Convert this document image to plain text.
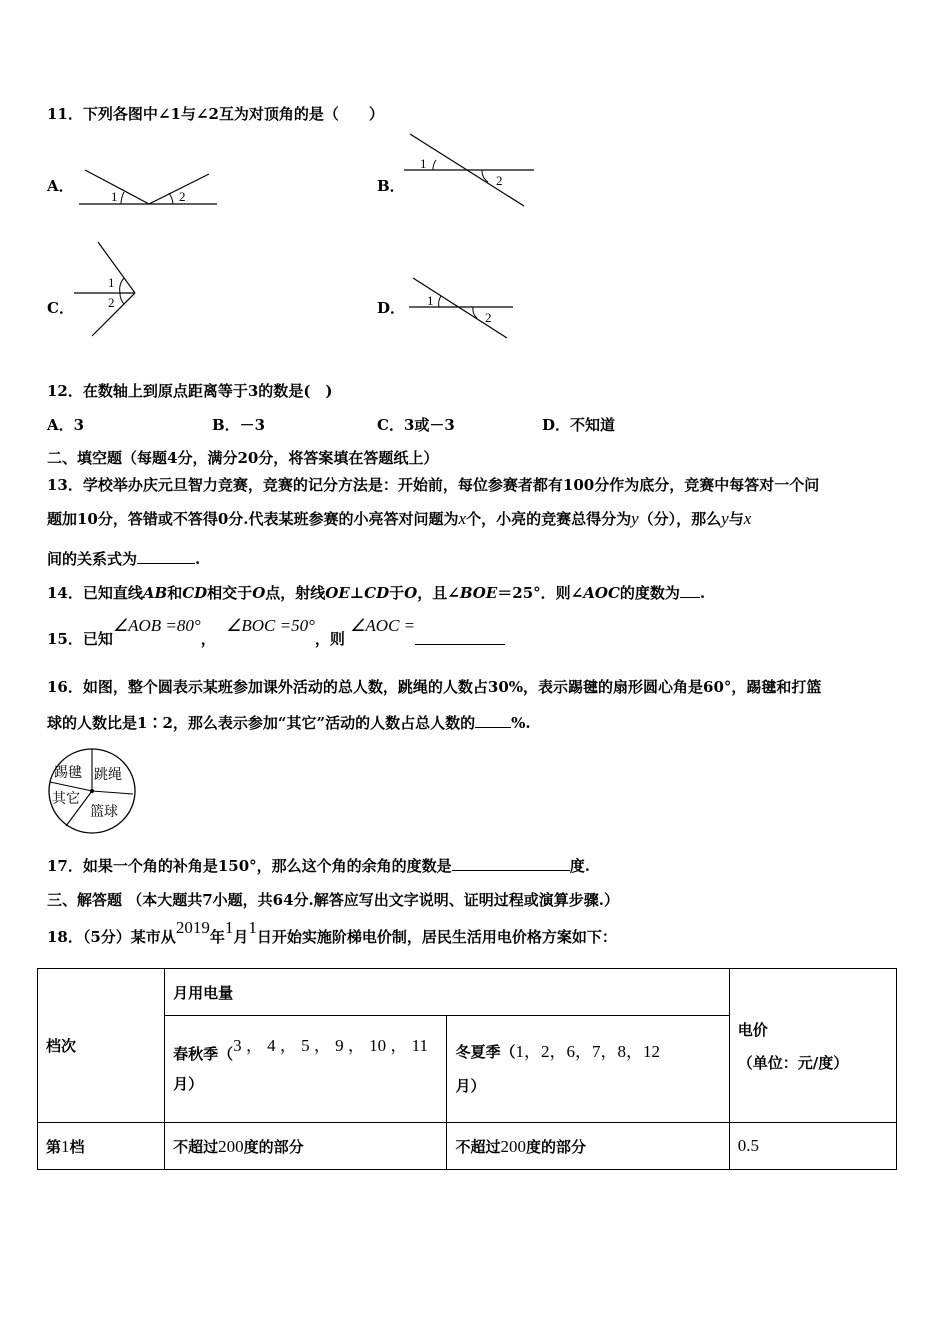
11．下列各图中∠1与∠2互为对顶角的是（　　）
A．
1	2
B．
1
2
C．
1
2	D． 1
2
12．在数轴上到原点距离等于3的数是(　)
A．3	B．－3	C．3或－3	D．不知道
二、填空题（每题4分，满分20分，将答案填在答题纸上）
13．学校举办庆元旦智力竞赛，竞赛的记分方法是：开始前，每位参赛者都有100分作为底分，竞赛中每答对一个问
题加10分，答错或不答得0分.代表某班参赛的小亮答对问题为x个，小亮的竞赛总得分为y（分），那么y与x
间的关系式为	.
14．已知直线AB和CD相交于O点，射线OE⊥CD于O，且∠BOE＝25°．则∠AOC的度数为 .
15．已知∠AOB =80°，  ∠BOC =50°，则 ∠AOC =
16．如图，整个圆表示某班参加课外活动的总人数，跳绳的人数占30%，表示踢毽的扇形圆心角是60°，踢毽和打篮
球的人数比是1∶2，那么表示参加“其它”活动的人数占总人数的 %.
踢毽 跳绳
其它
篮球
17．如果一个角的补角是150°，那么这个角的余角的度数是	度.
三、解答题 （本大题共7小题，共64分.解答应写出文字说明、证明过程或演算步骤.）
18．（5分）某市从2019年1月1日开始实施阶梯电价制，居民生活用电价格方案如下：
档次	月用电量		电价
（单位：元/度）

	春秋季（3 ， 4 ， 5 ， 9 ， 10 ， 11
月）	冬夏季（1，2，6，7，8，12
月）	
第1档	不超过200度的部分	不超过200度的部分	0.5
